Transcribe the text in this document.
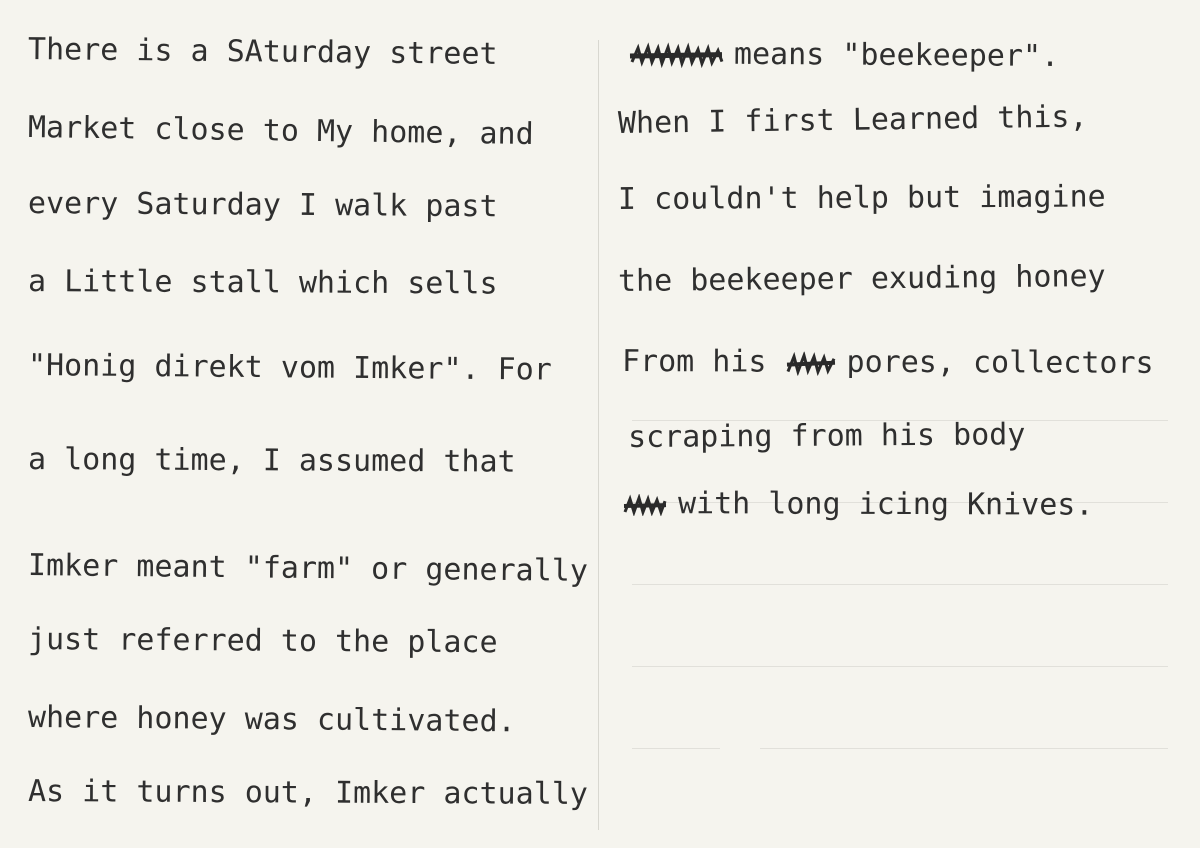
There is a SAturday street
Market close to My home, and
every Saturday I walk past
a Little stall which sells
"Honig direkt vom Imker". For
a long time, I assumed that
Imker meant "farm" or generally
just referred to the place
where honey was cultivated.
As it turns out, Imker actually
means "beekeeper".
When I first Learned this,
I couldn't help but imagine
the beekeeper exuding honey
From his	pores, collectors
scraping from his body
with long icing Knives.
